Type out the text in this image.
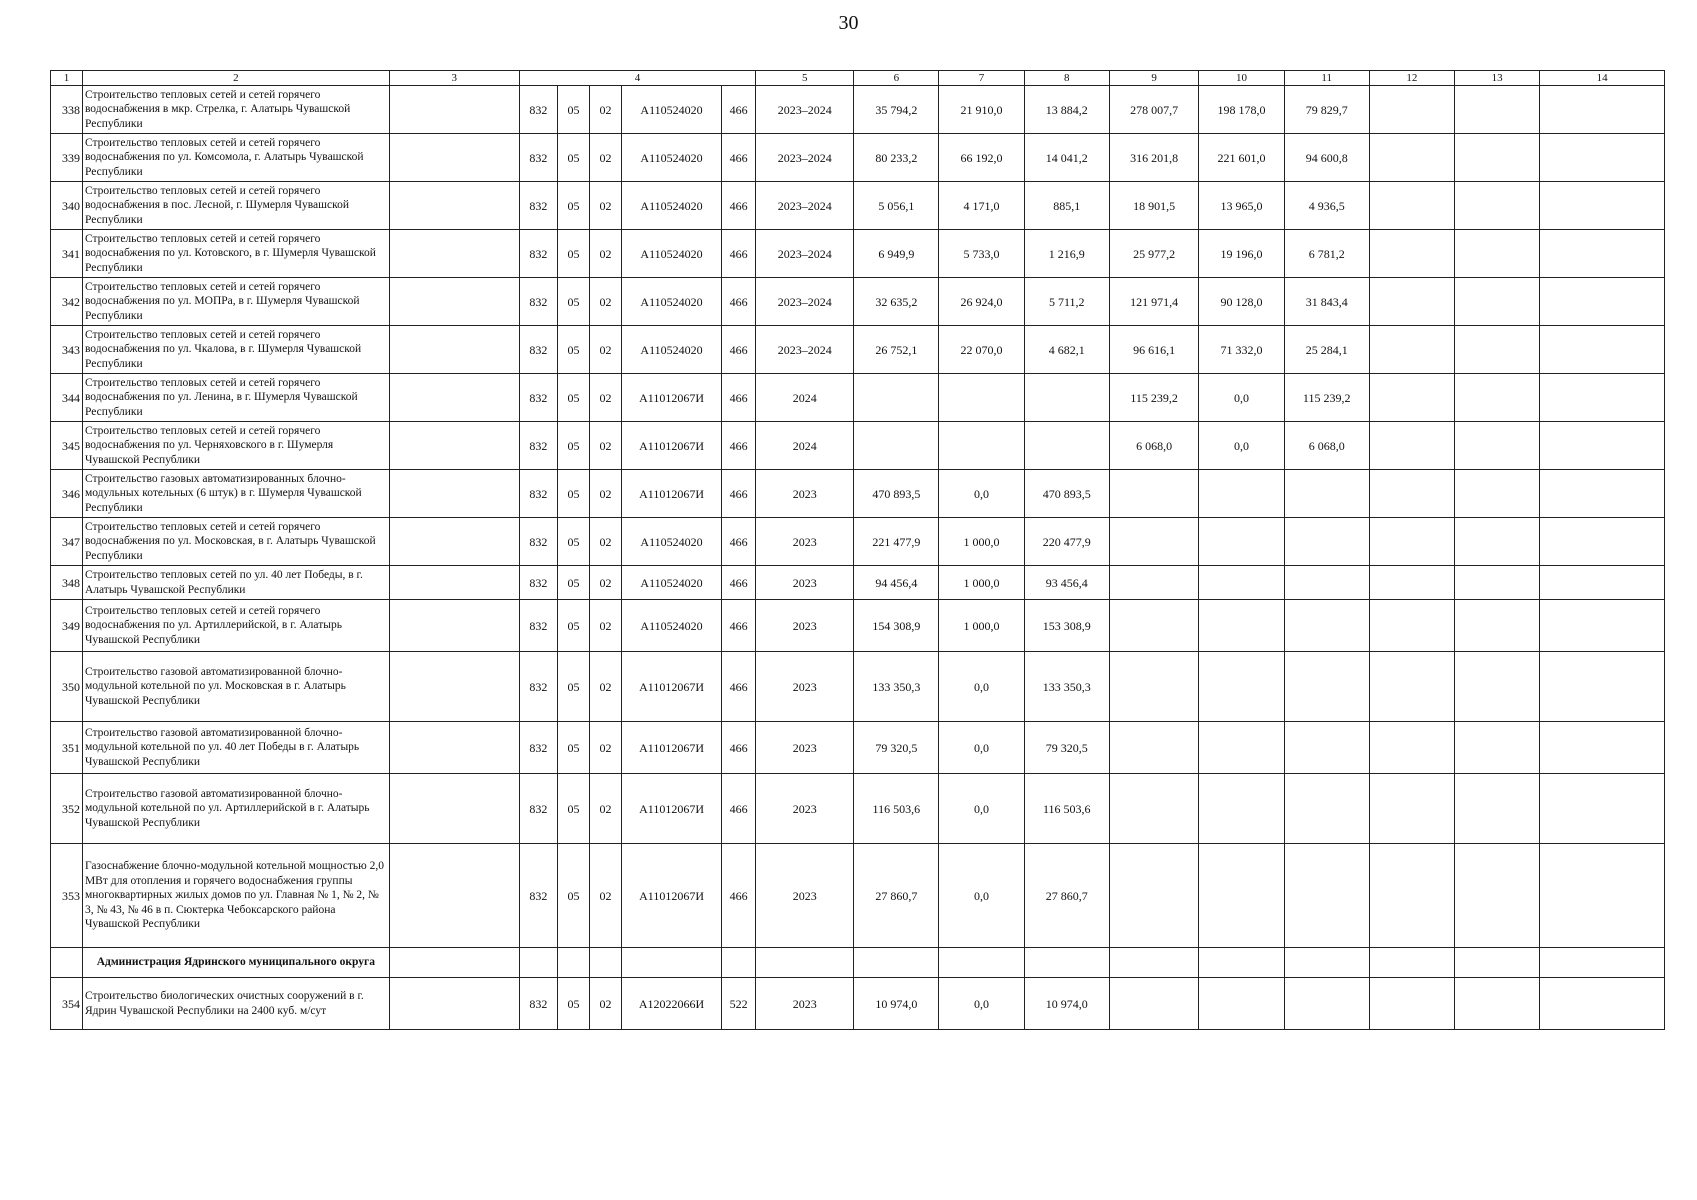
30
1	2	3	4					5	6	7	8	9	10	11	12	13	14
338	Строительство тепловых сетей и сетей горячего водоснабжения в мкр. Стрелка, г. Алатырь Чувашской Республики		832	05	02	А110524020	466	2023–2024	35 794,2	21 910,0	13 884,2	278 007,7	198 178,0	79 829,7			
339	Строительство тепловых сетей и сетей горячего водоснабжения по ул. Комсомола, г. Алатырь Чувашской Республики		832	05	02	А110524020	466	2023–2024	80 233,2	66 192,0	14 041,2	316 201,8	221 601,0	94 600,8			
340	Строительство тепловых сетей и сетей горячего водоснабжения в пос. Лесной, г. Шумерля Чувашской Республики		832	05	02	А110524020	466	2023–2024	5 056,1	4 171,0	885,1	18 901,5	13 965,0	4 936,5			
341	Строительство тепловых сетей и сетей горячего водоснабжения по ул. Котовского, в г. Шумерля Чувашской Республики		832	05	02	А110524020	466	2023–2024	6 949,9	5 733,0	1 216,9	25 977,2	19 196,0	6 781,2			
342	Строительство тепловых сетей и сетей горячего водоснабжения по ул. МОПРа, в г. Шумерля Чувашской Республики		832	05	02	А110524020	466	2023–2024	32 635,2	26 924,0	5 711,2	121 971,4	90 128,0	31 843,4			
343	Строительство тепловых сетей и сетей горячего водоснабжения по ул. Чкалова, в г. Шумерля Чувашской Республики		832	05	02	А110524020	466	2023–2024	26 752,1	22 070,0	4 682,1	96 616,1	71 332,0	25 284,1			
344	Строительство тепловых сетей и сетей горячего водоснабжения по ул. Ленина, в г. Шумерля Чувашской Республики		832	05	02	А11012067И	466	2024				115 239,2	0,0	115 239,2			
345	Строительство тепловых сетей и сетей горячего водоснабжения по ул. Черняховского в г. Шумерля Чувашской Республики		832	05	02	А11012067И	466	2024				6 068,0	0,0	6 068,0			
346	Строительство газовых автоматизированных блочно-модульных котельных (6 штук) в г. Шумерля Чувашской Республики		832	05	02	А11012067И	466	2023	470 893,5	0,0	470 893,5						
347	Строительство тепловых сетей и сетей горячего водоснабжения по ул. Московская, в г. Алатырь Чувашской Республики		832	05	02	А110524020	466	2023	221 477,9	1 000,0	220 477,9						
348	Строительство тепловых сетей по ул. 40 лет Победы, в г. Алатырь Чувашской Республики		832	05	02	А110524020	466	2023	94 456,4	1 000,0	93 456,4						
349	Строительство тепловых сетей и сетей горячего водоснабжения по ул. Артиллерийской, в г. Алатырь Чувашской Республики		832	05	02	А110524020	466	2023	154 308,9	1 000,0	153 308,9						
350	Строительство газовой автоматизированной блочно-модульной котельной по ул. Московская в г. Алатырь Чувашской Республики		832	05	02	А11012067И	466	2023	133 350,3	0,0	133 350,3						
351	Строительство газовой автоматизированной блочно-модульной котельной по ул. 40 лет Победы в г. Алатырь Чувашской Республики		832	05	02	А11012067И	466	2023	79 320,5	0,0	79 320,5						
352	Строительство газовой автоматизированной блочно-модульной котельной по ул. Артиллерийской в г. Алатырь Чувашской Республики		832	05	02	А11012067И	466	2023	116 503,6	0,0	116 503,6						
353	Газоснабжение блочно-модульной котельной мощностью 2,0 МВт для отопления и горячего водоснабжения группы многоквартирных жилых домов по ул. Главная № 1, № 2, № 3, № 43, № 46 в п. Сюктерка Чебоксарского района Чувашской Республики		832	05	02	А11012067И	466	2023	27 860,7	0,0	27 860,7						
	Администрация Ядринского муниципального округа																
354	Строительство биологических очистных сооружений в г. Ядрин Чувашской Республики на 2400 куб. м/сут		832	05	02	А12022066И	522	2023	10 974,0	0,0	10 974,0						
